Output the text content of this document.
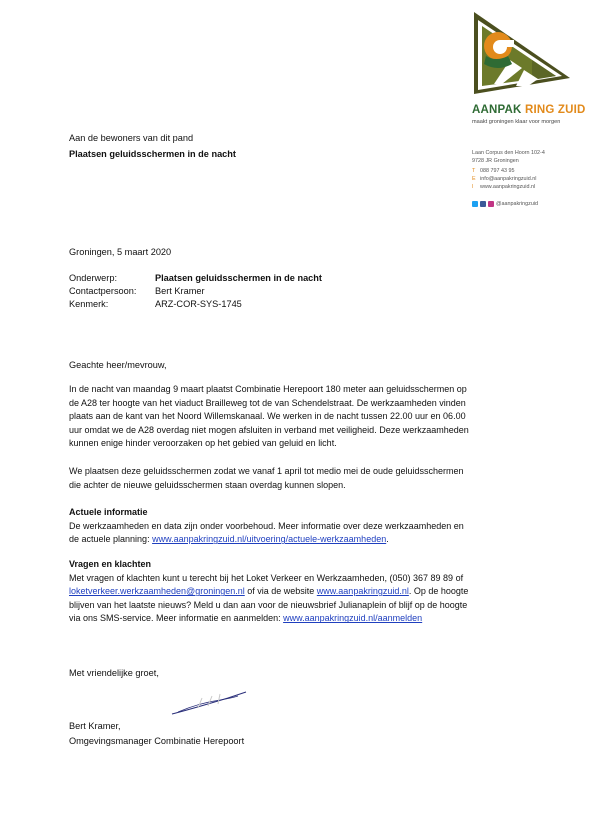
AANPAK RING ZUID
maakt groningen klaar voor morgen
Laan Corpus den Hoorn 102-4
9728 JR Groningen
T 088 797 43 95
E info@aanpakringzuid.nl
I www.aanpakringzuid.nl
@aanpakringzuid
Aan de bewoners van dit pand
Plaatsen geluidsschermen in de nacht
Groningen, 5 maart 2020
Onderwerp:	Plaatsen geluidsschermen in de nacht
Contactpersoon:	Bert Kramer
Kenmerk:	ARZ-COR-SYS-1745
Geachte heer/mevrouw,
In de nacht van maandag 9 maart plaatst Combinatie Herepoort 180 meter aan geluidsschermen op
de A28 ter hoogte van het viaduct Brailleweg tot de van Schendelstraat. De werkzaamheden vinden
plaats aan de kant van het Noord Willemskanaal. We werken in de nacht tussen 22.00 uur en 06.00
uur omdat we de A28 overdag niet mogen afsluiten in verband met veiligheid. Deze werkzaamheden
kunnen enige hinder veroorzaken op het gebied van geluid en licht.
We plaatsen deze geluidsschermen zodat we vanaf 1 april tot medio mei de oude geluidsschermen
die achter de nieuwe geluidsschermen staan overdag kunnen slopen.
Actuele informatie
De werkzaamheden en data zijn onder voorbehoud. Meer informatie over deze werkzaamheden en
de actuele planning: www.aanpakringzuid.nl/uitvoering/actuele-werkzaamheden.
Vragen en klachten
Met vragen of klachten kunt u terecht bij het Loket Verkeer en Werkzaamheden, (050) 367 89 89 of
loketverkeer.werkzaamheden@groningen.nl of via de website www.aanpakringzuid.nl. Op de hoogte
blijven van het laatste nieuws? Meld u dan aan voor de nieuwsbrief Julianaplein of blijf op de hoogte
via ons SMS-service. Meer informatie en aanmelden: www.aanpakringzuid.nl/aanmelden
Met vriendelijke groet,
Bert Kramer,
Omgevingsmanager Combinatie Herepoort
